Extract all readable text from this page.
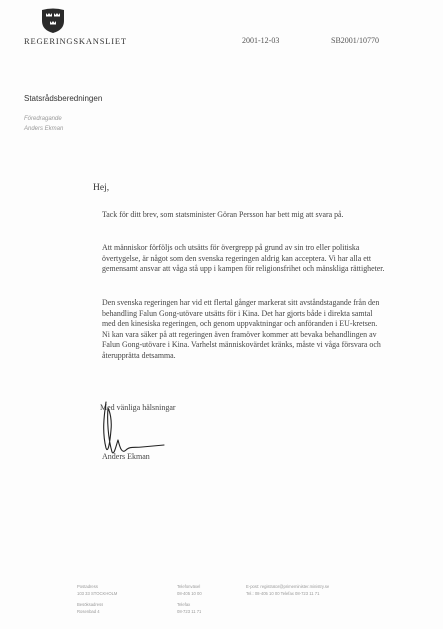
REGERINGSKANSLIET	2001-12-03	SB2001/10770
Statsrådsberedningen
Föredragande
Anders Ekman
Hej,
Tack för ditt brev, som statsminister Göran Persson har bett mig att svara på.
Att människor förföljs och utsätts för övergrepp på grund av sin tro eller politiska övertygelse, är något som den svenska regeringen aldrig kan acceptera. Vi har alla ett gemensamt ansvar att våga stå upp i kampen för religionsfrihet och mänskliga rättigheter.
Den svenska regeringen har vid ett flertal gånger markerat sitt avståndstagande från den behandling Falun Gong-utövare utsätts för i Kina. Det har gjorts både i direkta samtal med den kinesiska regeringen, och genom uppvaktningar och anföranden i EU-kretsen. Ni kan vara säker på att regeringen även framöver kommer att bevaka behandlingen av Falun Gong-utövare i Kina. Varhelst människovärdet kränks, måste vi våga försvara och återupprätta detsamma.
Med vänliga hälsningar
Anders Ekman
Postadress
103 33 STOCKHOLM
Telefonväxel
08-405 10 00
E-post: registrator@primeminister.ministry.se
Tel.: 08-405 10 00 Telefax 08-723 11 71
Besöksadress
Rosenbad 4
Telefax
08-723 11 71
